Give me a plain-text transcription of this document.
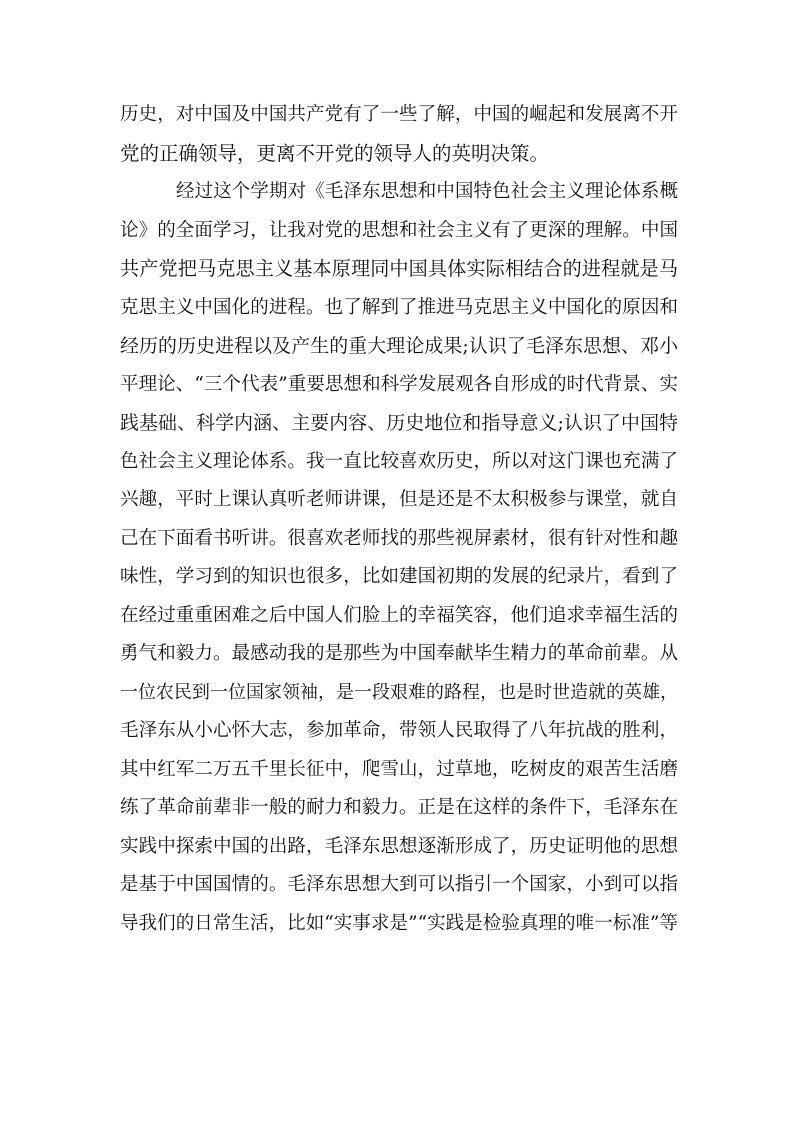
历史，对中国及中国共产党有了一些了解，中国的崛起和发展离不开
党的正确领导，更离不开党的领导人的英明决策。
经过这个学期对《毛泽东思想和中国特色社会主义理论体系概
论》的全面学习，让我对党的思想和社会主义有了更深的理解。中国
共产党把马克思主义基本原理同中国具体实际相结合的进程就是马
克思主义中国化的进程。也了解到了推进马克思主义中国化的原因和
经历的历史进程以及产生的重大理论成果;认识了毛泽东思想、邓小
平理论、“三个代表”重要思想和科学发展观各自形成的时代背景、实
践基础、科学内涵、主要内容、历史地位和指导意义;认识了中国特
色社会主义理论体系。我一直比较喜欢历史，所以对这门课也充满了
兴趣，平时上课认真听老师讲课，但是还是不太积极参与课堂，就自
己在下面看书听讲。很喜欢老师找的那些视屏素材，很有针对性和趣
味性，学习到的知识也很多，比如建国初期的发展的纪录片，看到了
在经过重重困难之后中国人们脸上的幸福笑容，他们追求幸福生活的
勇气和毅力。最感动我的是那些为中国奉献毕生精力的革命前辈。从
一位农民到一位国家领袖，是一段艰难的路程，也是时世造就的英雄，
毛泽东从小心怀大志，参加革命，带领人民取得了八年抗战的胜利，
其中红军二万五千里长征中，爬雪山，过草地，吃树皮的艰苦生活磨
练了革命前辈非一般的耐力和毅力。正是在这样的条件下，毛泽东在
实践中探索中国的出路，毛泽东思想逐渐形成了，历史证明他的思想
是基于中国国情的。毛泽东思想大到可以指引一个国家，小到可以指
导我们的日常生活，比如“实事求是”“实践是检验真理的唯一标准”等
